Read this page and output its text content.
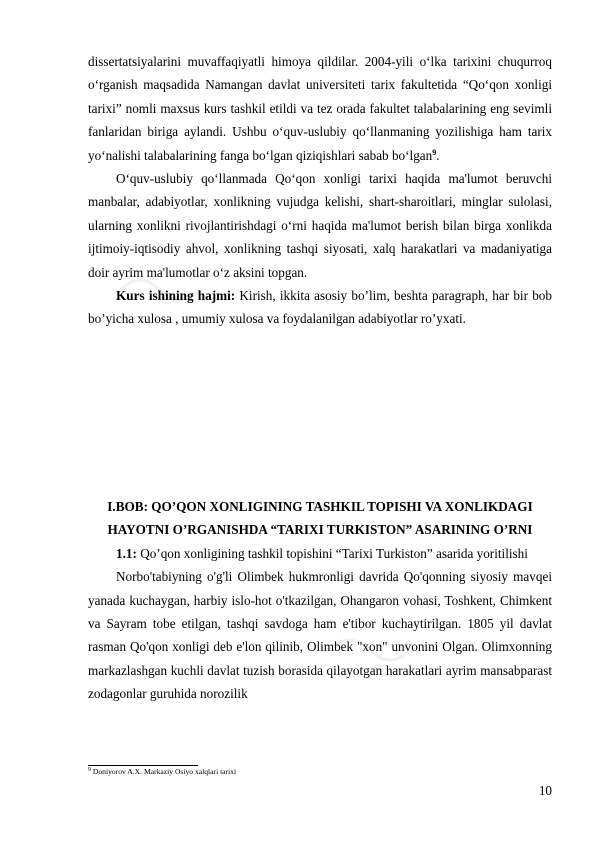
dissertatsiyalarini muvaffaqiyatli himoya qildilar. 2004-yili o‘lka tarixini chuqurroq o‘rganish maqsadida Namangan davlat universiteti tarix fakultetida “Qo‘qon xonligi tarixi” nomli maxsus kurs tashkil etildi va tez orada fakultet talabalarining eng sevimli fanlaridan biriga aylandi. Ushbu o‘quv-uslubiy qo‘llanmaning yozilishiga ham tarix yo‘nalishi talabalarining fanga bo‘lgan qiziqishlari sabab bo‘lgan$^9$.

O‘quv-uslubiy qo‘llanmada Qo‘qon xonligi tarixi haqida ma'lumot beruvchi manbalar, adabiyotlar, xonlikning vujudga kelishi, shart-sharoitlari, minglar sulolasi, ularning xonlikni rivojlantirishdagi o‘rni haqida ma'lumot berish bilan birga xonlikda ijtimoiy-iqtisodiy ahvol, xonlikning tashqi siyosati, xalq harakatlari va madaniyatiga doir ayrim ma'lumotlar o‘z aksini topgan.

Kurs ishining hajmi: Kirish, ikkita asosiy bo’lim, beshta paragraph, har bir bob bo’yicha xulosa , umumiy xulosa va foydalanilgan adabiyotlar ro’yxati.

I.BOB: QO’QON XONLIGINING TASHKIL TOPISHI VA XONLIKDAGI HAYOTNI O’RGANISHDA “TARIXI TURKISTON” ASARINING O’RNI

1.1: Qo’qon xonligining tashkil topishini “Tarixi Turkiston” asarida yoritilishi

Norbo'tabiyning o'g'li Olimbek hukmronligi davrida Qo'qonning siyosiy mavqei yanada kuchaygan, harbiy islo-hot o'tkazilgan, Ohangaron vohasi, Toshkent, Chimkent va Sayram tobe etilgan, tashqi savdoga ham e'tibor kuchaytirilgan. 1805 yil davlat rasman Qo'qon xonligi deb e'lon qilinib, Olimbek "xon" unvonini Olgan. Olimxonning markazlashgan kuchli davlat tuzish borasida qilayotgan harakatlari ayrim mansabparast zodagonlar guruhida norozilik

$^9$ Doniyorov A.X. Markaziy Osiyo xalqlari tarixi
10
